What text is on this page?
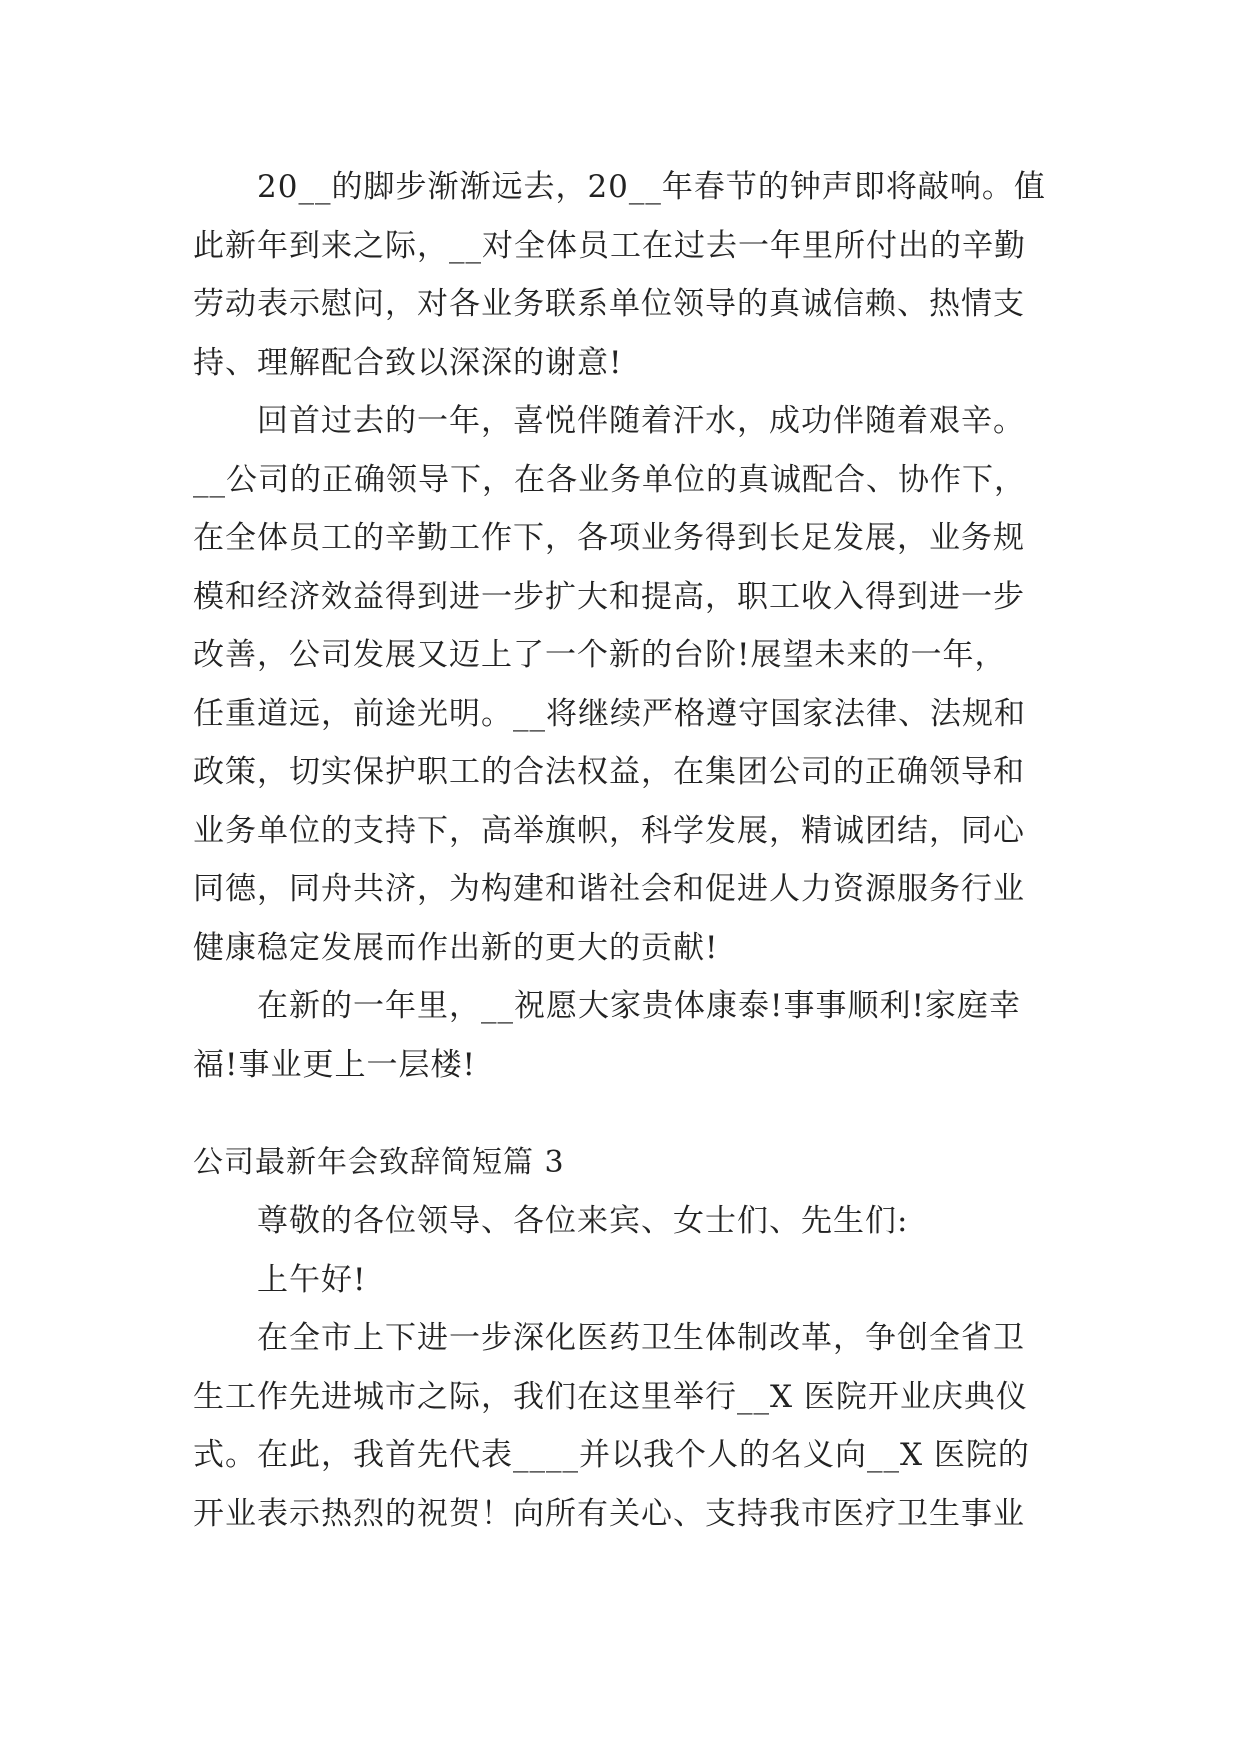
20__的脚步渐渐远去，20__年春节的钟声即将敲响。值
此新年到来之际，__对全体员工在过去一年里所付出的辛勤
劳动表示慰问，对各业务联系单位领导的真诚信赖、热情支
持、理解配合致以深深的谢意!
回首过去的一年，喜悦伴随着汗水，成功伴随着艰辛。
__公司的正确领导下，在各业务单位的真诚配合、协作下，
在全体员工的辛勤工作下，各项业务得到长足发展，业务规
模和经济效益得到进一步扩大和提高，职工收入得到进一步
改善，公司发展又迈上了一个新的台阶!展望未来的一年，
任重道远，前途光明。__将继续严格遵守国家法律、法规和
政策，切实保护职工的合法权益，在集团公司的正确领导和
业务单位的支持下，高举旗帜，科学发展，精诚团结，同心
同德，同舟共济，为构建和谐社会和促进人力资源服务行业
健康稳定发展而作出新的更大的贡献!
在新的一年里，__祝愿大家贵体康泰!事事顺利!家庭幸
福!事业更上一层楼!
公司最新年会致辞简短篇 3
尊敬的各位领导、各位来宾、女士们、先生们:
上午好!
在全市上下进一步深化医药卫生体制改革，争创全省卫
生工作先进城市之际，我们在这里举行__X 医院开业庆典仪
式。在此，我首先代表____并以我个人的名义向__X 医院的
开业表示热烈的祝贺！向所有关心、支持我市医疗卫生事业
